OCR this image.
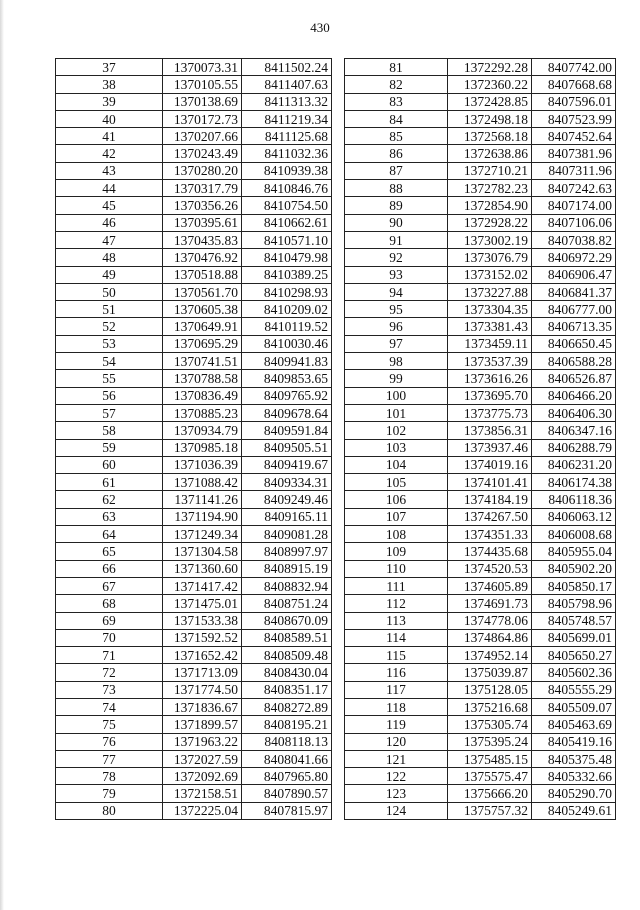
430
37	1370073.31	8411502.24
38	1370105.55	8411407.63
39	1370138.69	8411313.32
40	1370172.73	8411219.34
41	1370207.66	8411125.68
42	1370243.49	8411032.36
43	1370280.20	8410939.38
44	1370317.79	8410846.76
45	1370356.26	8410754.50
46	1370395.61	8410662.61
47	1370435.83	8410571.10
48	1370476.92	8410479.98
49	1370518.88	8410389.25
50	1370561.70	8410298.93
51	1370605.38	8410209.02
52	1370649.91	8410119.52
53	1370695.29	8410030.46
54	1370741.51	8409941.83
55	1370788.58	8409853.65
56	1370836.49	8409765.92
57	1370885.23	8409678.64
58	1370934.79	8409591.84
59	1370985.18	8409505.51
60	1371036.39	8409419.67
61	1371088.42	8409334.31
62	1371141.26	8409249.46
63	1371194.90	8409165.11
64	1371249.34	8409081.28
65	1371304.58	8408997.97
66	1371360.60	8408915.19
67	1371417.42	8408832.94
68	1371475.01	8408751.24
69	1371533.38	8408670.09
70	1371592.52	8408589.51
71	1371652.42	8408509.48
72	1371713.09	8408430.04
73	1371774.50	8408351.17
74	1371836.67	8408272.89
75	1371899.57	8408195.21
76	1371963.22	8408118.13
77	1372027.59	8408041.66
78	1372092.69	8407965.80
79	1372158.51	8407890.57
80	1372225.04	8407815.97
81	1372292.28	8407742.00
82	1372360.22	8407668.68
83	1372428.85	8407596.01
84	1372498.18	8407523.99
85	1372568.18	8407452.64
86	1372638.86	8407381.96
87	1372710.21	8407311.96
88	1372782.23	8407242.63
89	1372854.90	8407174.00
90	1372928.22	8407106.06
91	1373002.19	8407038.82
92	1373076.79	8406972.29
93	1373152.02	8406906.47
94	1373227.88	8406841.37
95	1373304.35	8406777.00
96	1373381.43	8406713.35
97	1373459.11	8406650.45
98	1373537.39	8406588.28
99	1373616.26	8406526.87
100	1373695.70	8406466.20
101	1373775.73	8406406.30
102	1373856.31	8406347.16
103	1373937.46	8406288.79
104	1374019.16	8406231.20
105	1374101.41	8406174.38
106	1374184.19	8406118.36
107	1374267.50	8406063.12
108	1374351.33	8406008.68
109	1374435.68	8405955.04
110	1374520.53	8405902.20
111	1374605.89	8405850.17
112	1374691.73	8405798.96
113	1374778.06	8405748.57
114	1374864.86	8405699.01
115	1374952.14	8405650.27
116	1375039.87	8405602.36
117	1375128.05	8405555.29
118	1375216.68	8405509.07
119	1375305.74	8405463.69
120	1375395.24	8405419.16
121	1375485.15	8405375.48
122	1375575.47	8405332.66
123	1375666.20	8405290.70
124	1375757.32	8405249.61
